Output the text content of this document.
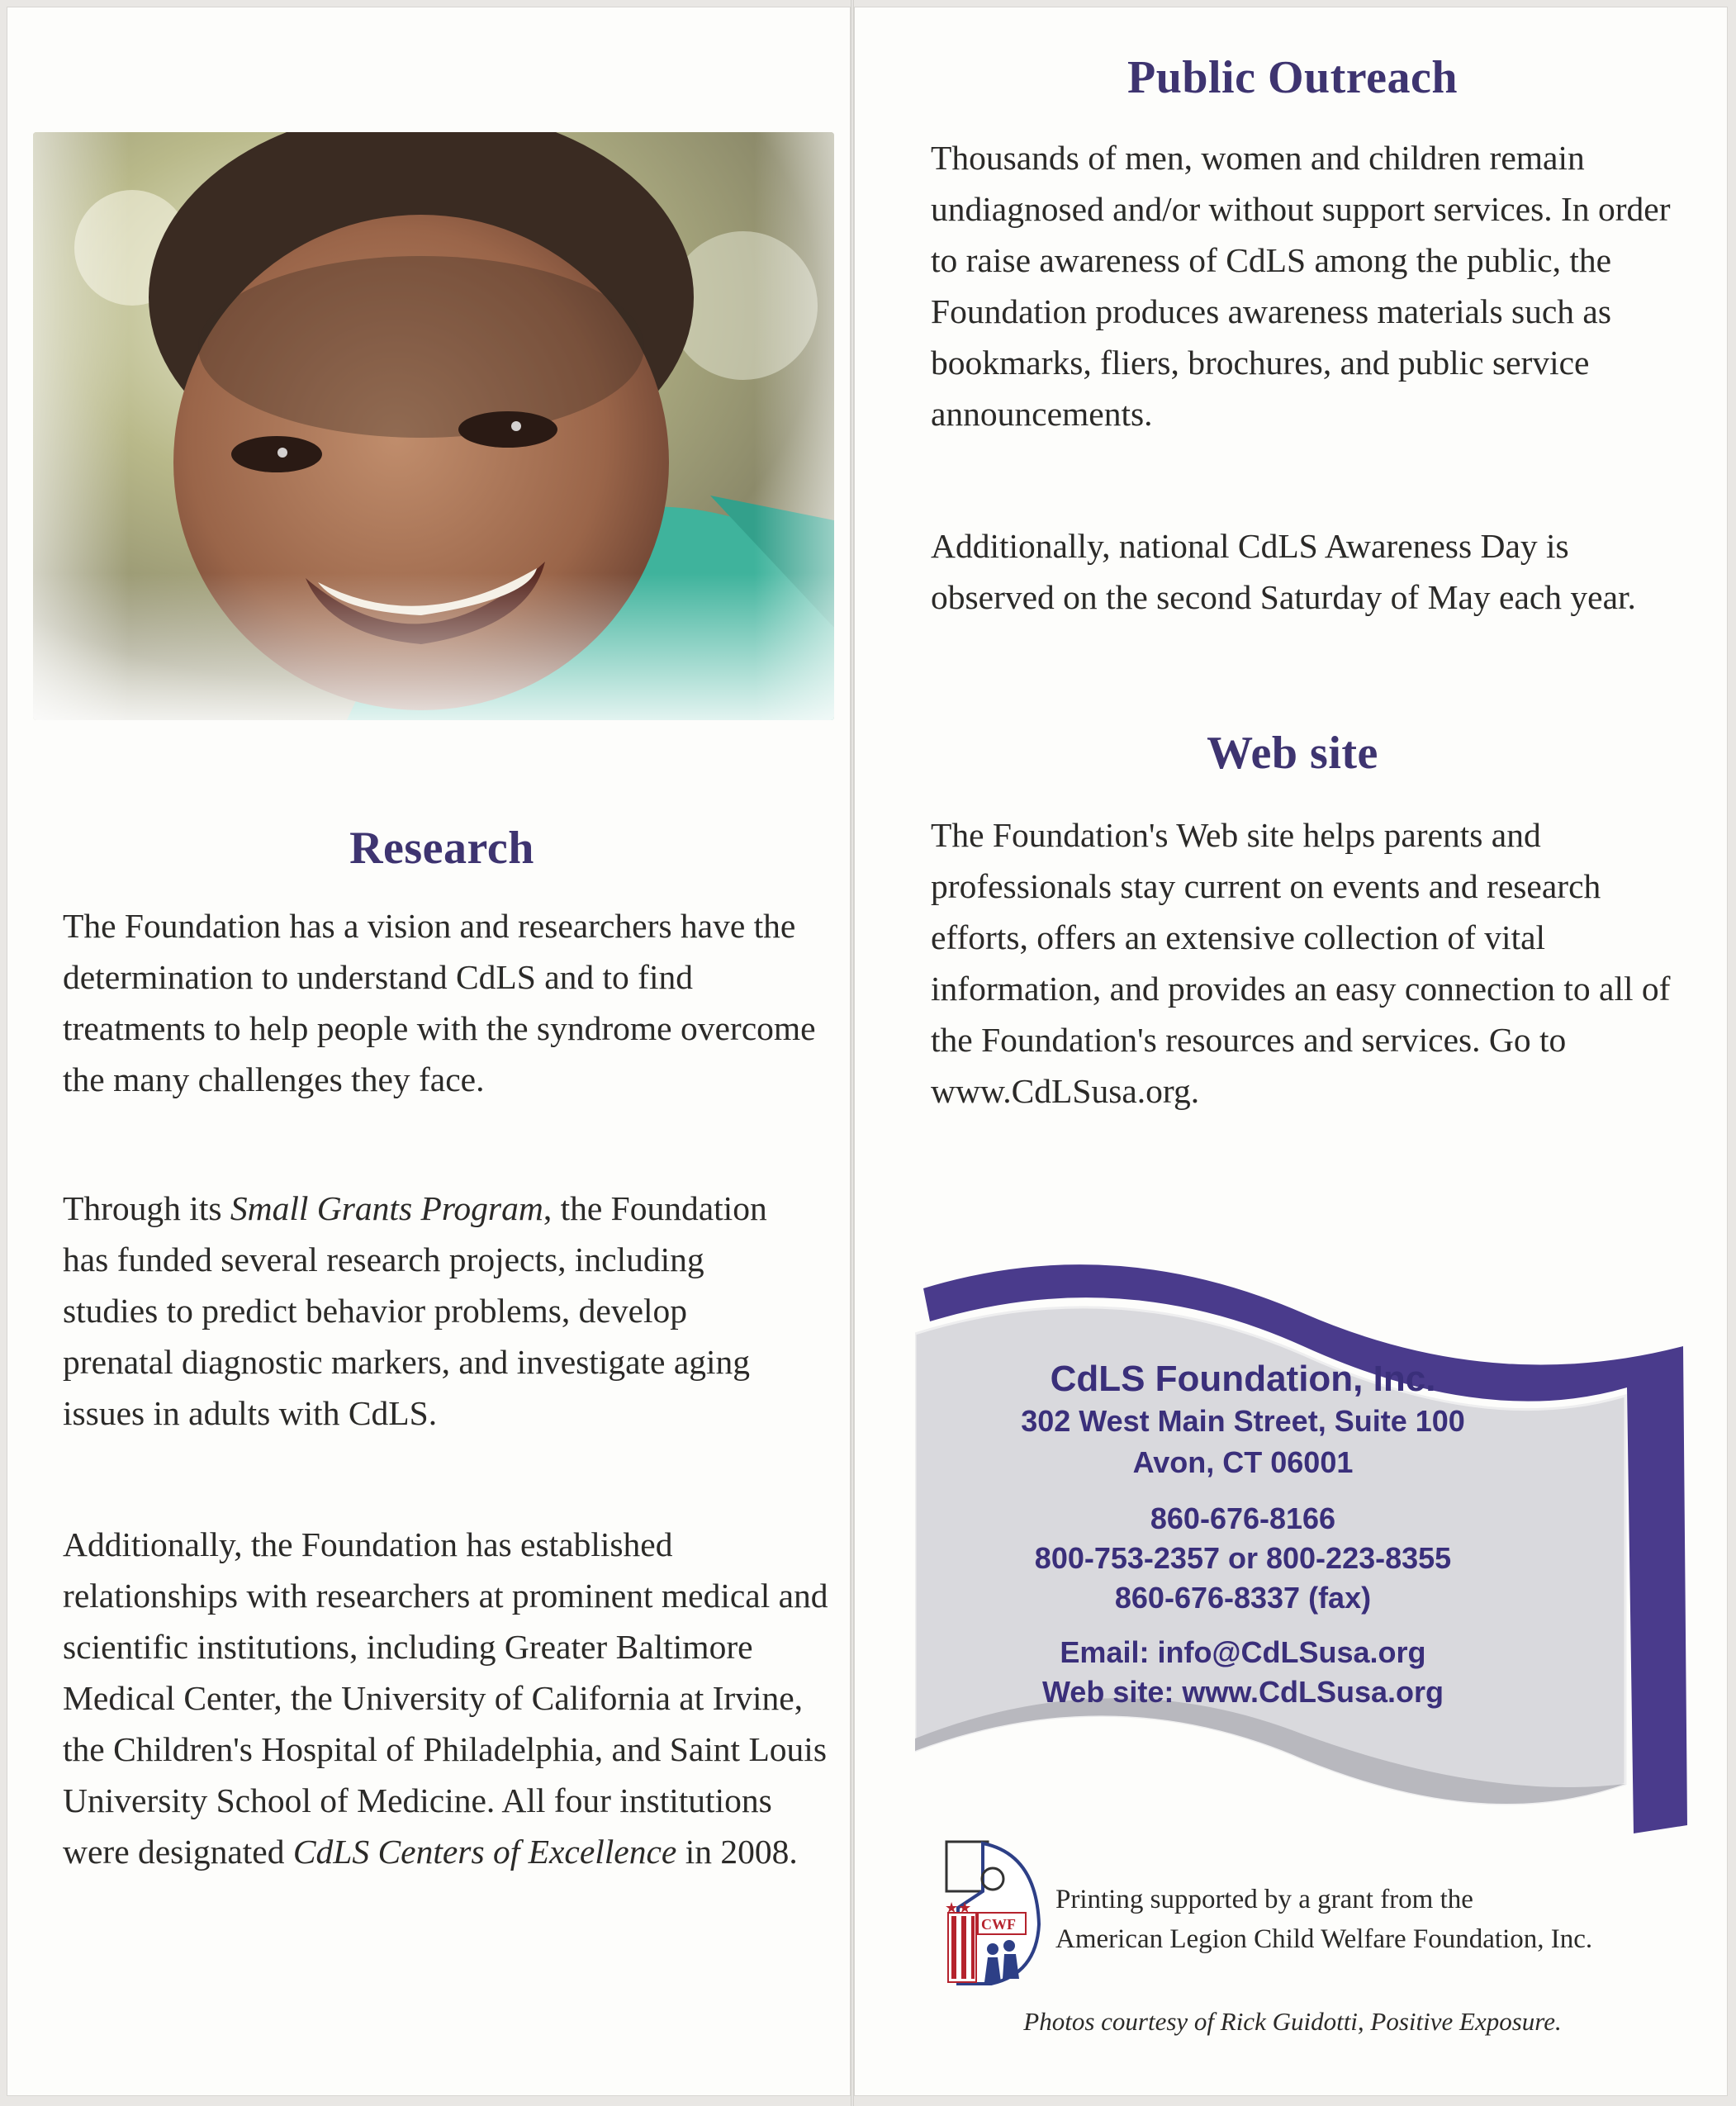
Research

The Foundation has a vision and researchers have the determination to understand CdLS and to find treatments to help people with the syndrome overcome the many challenges they face.

Through its Small Grants Program, the Foundation has funded several research projects, including studies to predict behavior problems, develop prenatal diagnostic markers, and investigate aging issues in adults with CdLS.

Additionally, the Foundation has established relationships with researchers at prominent medical and scientific institutions, including Greater Baltimore Medical Center, the University of California at Irvine, the Children's Hospital of Philadelphia, and Saint Louis University School of Medicine. All four institutions were designated CdLS Centers of Excellence in 2008.

Public Outreach

Thousands of men, women and children remain undiagnosed and/or without support services. In order to raise awareness of CdLS among the public, the Foundation produces awareness materials such as bookmarks, fliers, brochures, and public service announcements.

Additionally, national CdLS Awareness Day is observed on the second Saturday of May each year.

Web site

The Foundation's Web site helps parents and professionals stay current on events and research efforts, offers an extensive collection of vital information, and provides an easy connection to all of the Foundation's resources and services. Go to www.CdLSusa.org.

CdLS Foundation, Inc.
302 West Main Street, Suite 100
Avon, CT 06001
860-676-8166
800-753-2357 or 800-223-8355
860-676-8337 (fax)
Email: info@CdLSusa.org
Web site: www.CdLSusa.org
★★
CWF
Printing supported by a grant from the
American Legion Child Welfare Foundation, Inc.
Photos courtesy of Rick Guidotti, Positive Exposure.
